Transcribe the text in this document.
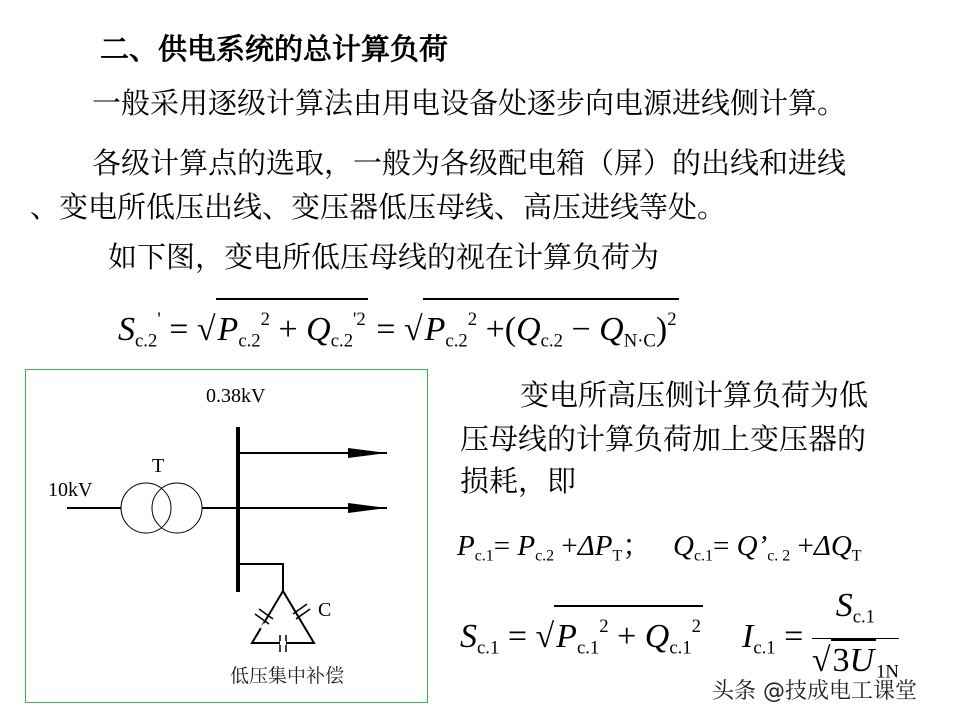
二、供电系统的总计算负荷
一般采用逐级计算法由用电设备处逐步向电源进线侧计算。
各级计算点的选取，一般为各级配电箱（屏）的出线和进线
、变电所低压出线、变压器低压母线、高压进线等处。
如下图，变电所低压母线的视在计算负荷为
$S_{c.2}' = √P_{c.2}^2 + Q_{c.2}^{'2} = √P_{c.2}^2 +(Q_{c.2} - Q_{N\cdot C})^2$
变电所高压侧计算负荷为低
压母线的计算负荷加上变压器的
损耗，即
$P_{c.1}= P_{c.2} +\Delta P_T$； $Q_{c.1}=$ $Q’_{c. 2} +\Delta Q_T$
$S_{c.1} = √P_{c.1}^2 + Q_{c.1}^2$ $I_{c.1} = \frac{S_{c.1}}{√3U _{1N}}$
0.38kV
10kV
T
C
低压集中补偿
头条 @技成电工课堂
